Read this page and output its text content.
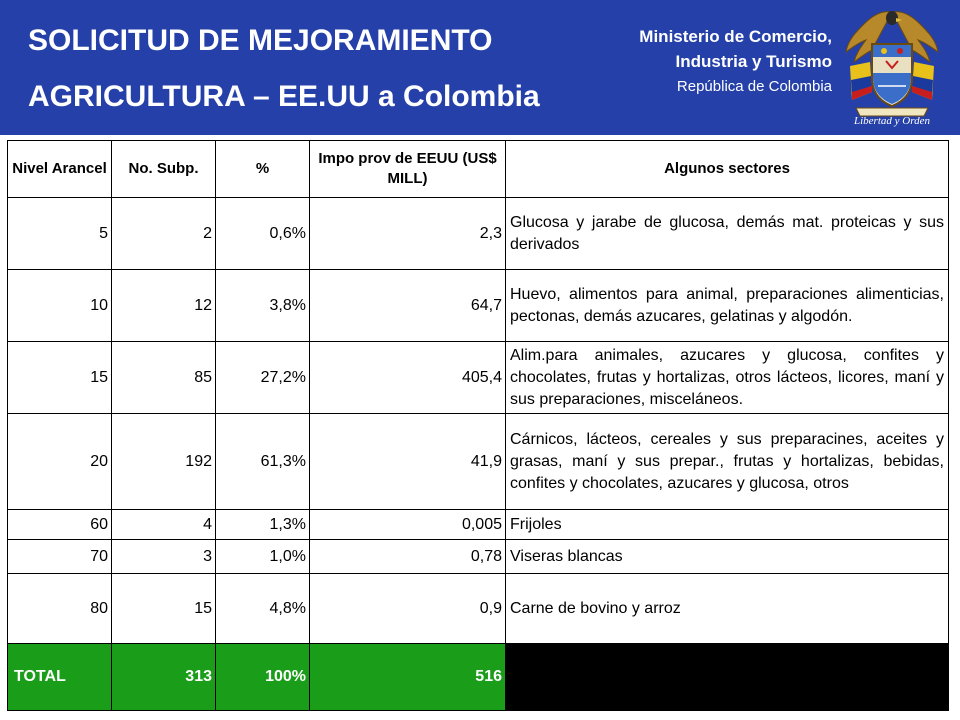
SOLICITUD DE MEJORAMIENTO
AGRICULTURA – EE.UU a Colombia
Ministerio de Comercio,
Industria y Turismo
República de Colombia
Libertad y Orden
Nivel Arancel	No. Subp.	%	Impo prov de EEUU (US$ MILL)	Algunos sectores
5	2	0,6%	2,3	Glucosa y jarabe de glucosa, demás mat. proteicas y sus derivados
10	12	3,8%	64,7	Huevo, alimentos para animal, preparaciones alimenticias, pectonas, demás azucares, gelatinas y algodón.
15	85	27,2%	405,4	Alim.para animales, azucares y glucosa, confites y chocolates, frutas y hortalizas, otros lácteos, licores, maní y sus preparaciones, misceláneos.
20	192	61,3%	41,9	Cárnicos, lácteos, cereales y sus preparacines, aceites y grasas, maní y sus prepar., frutas y hortalizas, bebidas, confites y chocolates, azucares y glucosa, otros
60	4	1,3%	0,005	Frijoles
70	3	1,0%	0,78	Viseras blancas
80	15	4,8%	0,9	Carne de bovino y arroz
TOTAL	313	100%	516	
